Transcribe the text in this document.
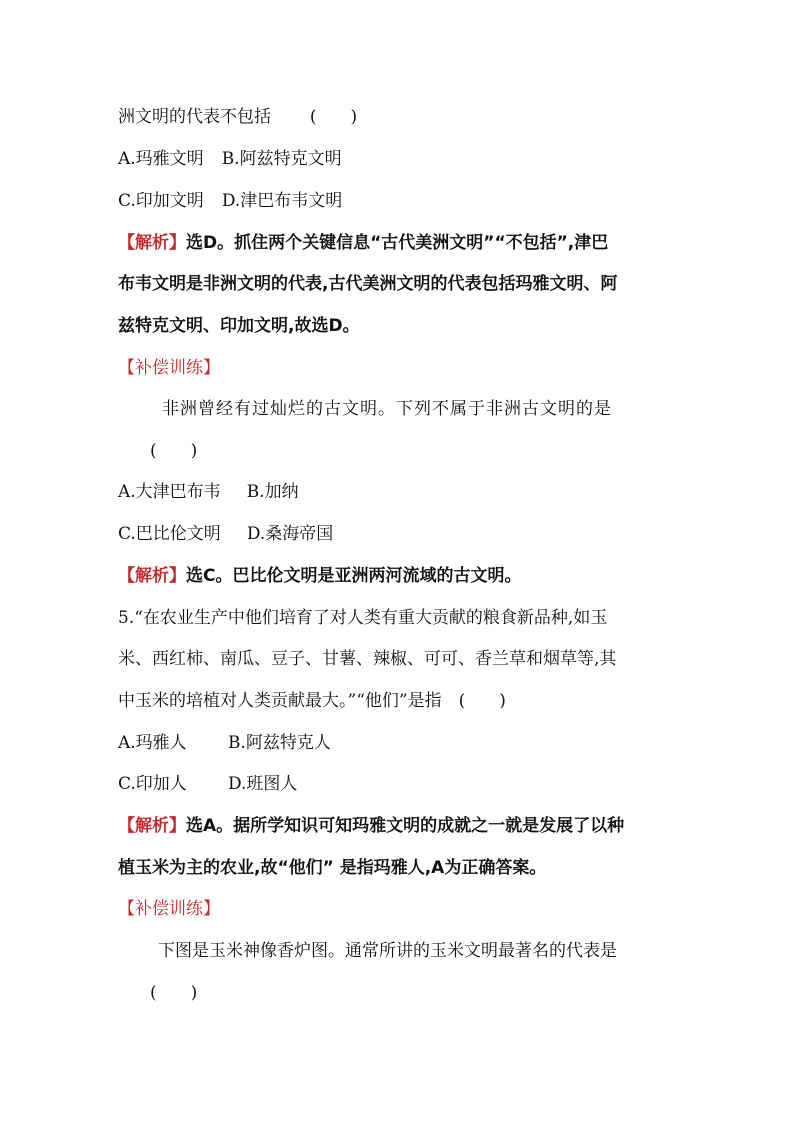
洲文明的代表不包括 (　　)
A.玛雅文明 B.阿兹特克文明
C.印加文明 D.津巴布韦文明
【解析】选D。抓住两个关键信息“古代美洲文明”“不包括”,津巴
布韦文明是非洲文明的代表,古代美洲文明的代表包括玛雅文明、阿
兹特克文明、印加文明,故选D。
【补偿训练】
非洲曾经有过灿烂的古文明。下列不属于非洲古文明的是
(　　)
A.大津巴布韦 B.加纳
C.巴比伦文明 D.桑海帝国
【解析】选C。巴比伦文明是亚洲两河流域的古文明。
5.“在农业生产中他们培育了对人类有重大贡献的粮食新品种,如玉
米、西红柿、南瓜、豆子、甘薯、辣椒、可可、香兰草和烟草等,其
中玉米的培植对人类贡献最大。”“他们”是指　(　　)
A.玛雅人 B.阿兹特克人
C.印加人 D.班图人
【解析】选A。据所学知识可知玛雅文明的成就之一就是发展了以种
植玉米为主的农业,故“他们” 是指玛雅人,A为正确答案。
【补偿训练】
下图是玉米神像香炉图。通常所讲的玉米文明最著名的代表是
(　　)
